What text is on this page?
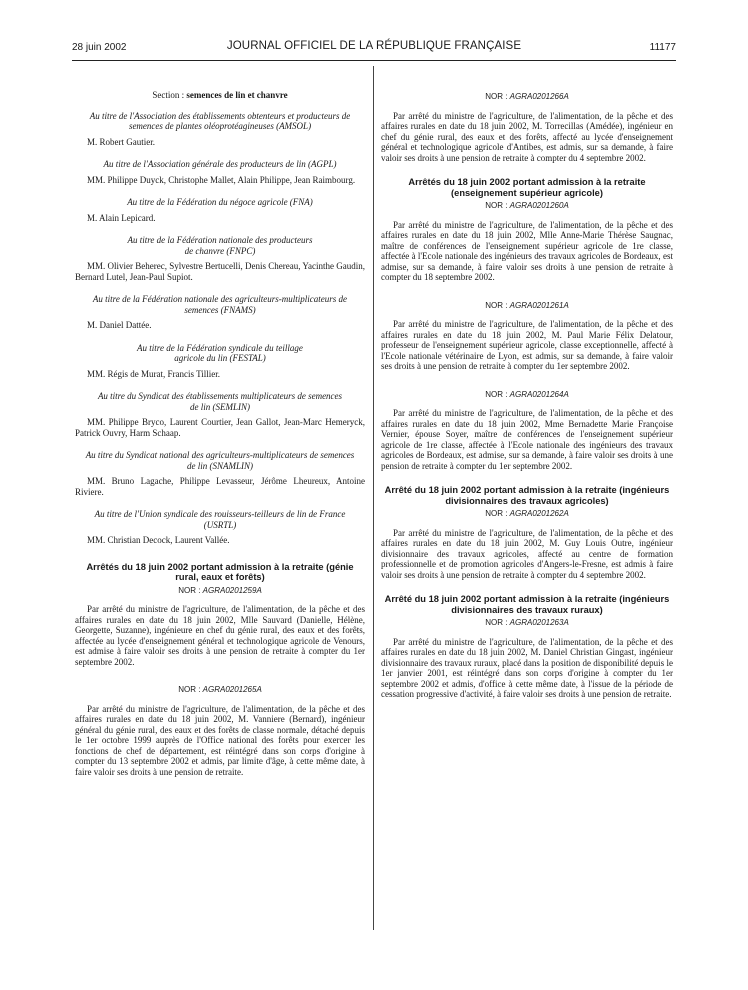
28 juin 2002	JOURNAL OFFICIEL DE LA RÉPUBLIQUE FRANÇAISE	11177
Section : semences de lin et chanvre
Au titre de l'Association des établissements obtenteurs et producteurs de semences de plantes oléoprotéagineuses (AMSOL)

M. Robert Gautier.

Au titre de l'Association générale des producteurs de lin (AGPL)

MM. Philippe Duyck, Christophe Mallet, Alain Philippe, Jean Raimbourg.

Au titre de la Fédération du négoce agricole (FNA)

M. Alain Lepicard.

Au titre de la Fédération nationale des producteurs de chanvre (FNPC)

MM. Olivier Beherec, Sylvestre Bertucelli, Denis Chereau, Yacinthe Gaudin, Bernard Lutel, Jean-Paul Supiot.

Au titre de la Fédération nationale des agriculteurs-multiplicateurs de semences (FNAMS)

M. Daniel Dattée.

Au titre de la Fédération syndicale du teillage agricole du lin (FESTAL)

MM. Régis de Murat, Francis Tillier.

Au titre du Syndicat des établissements multiplicateurs de semences de lin (SEMLIN)

MM. Philippe Bryco, Laurent Courtier, Jean Gallot, Jean-Marc Hemeryck, Patrick Ouvry, Harm Schaap.

Au titre du Syndicat national des agriculteurs-multiplicateurs de semences de lin (SNAMLIN)

MM. Bruno Lagache, Philippe Levasseur, Jérôme Lheureux, Antoine Riviere.

Au titre de l'Union syndicale des rouisseurs-teilleurs de lin de France (USRTL)

MM. Christian Decock, Laurent Vallée.

Arrêtés du 18 juin 2002 portant admission à la retraite (génie rural, eaux et forêts)
NOR : AGRA0201259A

Par arrêté du ministre de l'agriculture, de l'alimentation, de la pêche et des affaires rurales en date du 18 juin 2002, Mlle Sauvard (Danielle, Hélène, Georgette, Suzanne), ingénieure en chef du génie rural, des eaux et des forêts, affectée au lycée d'enseignement général et technologique agricole de Venours, est admise à faire valoir ses droits à une pension de retraite à compter du 1er septembre 2002.

NOR : AGRA0201265A

Par arrêté du ministre de l'agriculture, de l'alimentation, de la pêche et des affaires rurales en date du 18 juin 2002, M. Vanniere (Bernard), ingénieur général du génie rural, des eaux et des forêts de classe normale, détaché depuis le 1er octobre 1999 auprès de l'Office national des forêts pour exercer les fonctions de chef de département, est réintégré dans son corps d'origine à compter du 13 septembre 2002 et admis, par limite d'âge, à cette même date, à faire valoir ses droits à une pension de retraite.

NOR : AGRA0201266A

Par arrêté du ministre de l'agriculture, de l'alimentation, de la pêche et des affaires rurales en date du 18 juin 2002, M. Torrecillas (Amédée), ingénieur en chef du génie rural, des eaux et des forêts, affecté au lycée d'enseignement général et technologique agricole d'Antibes, est admis, sur sa demande, à faire valoir ses droits à une pension de retraite à compter du 4 septembre 2002.

Arrêtés du 18 juin 2002 portant admission à la retraite (enseignement supérieur agricole)
NOR : AGRA0201260A

Par arrêté du ministre de l'agriculture, de l'alimentation, de la pêche et des affaires rurales en date du 18 juin 2002, Mlle Anne-Marie Thérèse Saugnac, maître de conférences de l'enseignement supérieur agricole de 1re classe, affectée à l'Ecole nationale des ingénieurs des travaux agricoles de Bordeaux, est admise, sur sa demande, à faire valoir ses droits à une pension de retraite à compter du 18 septembre 2002.

NOR : AGRA0201261A

Par arrêté du ministre de l'agriculture, de l'alimentation, de la pêche et des affaires rurales en date du 18 juin 2002, M. Paul Marie Félix Delatour, professeur de l'enseignement supérieur agricole, classe exceptionnelle, affecté à l'Ecole nationale vétérinaire de Lyon, est admis, sur sa demande, à faire valoir ses droits à une pension de retraite à compter du 1er septembre 2002.

NOR : AGRA0201264A

Par arrêté du ministre de l'agriculture, de l'alimentation, de la pêche et des affaires rurales en date du 18 juin 2002, Mme Bernadette Marie Françoise Vernier, épouse Soyer, maître de conférences de l'enseignement supérieur agricole de 1re classe, affectée à l'Ecole nationale des ingénieurs des travaux agricoles de Bordeaux, est admise, sur sa demande, à faire valoir ses droits à une pension de retraite à compter du 1er septembre 2002.

Arrêté du 18 juin 2002 portant admission à la retraite (ingénieurs divisionnaires des travaux agricoles)
NOR : AGRA0201262A

Par arrêté du ministre de l'agriculture, de l'alimentation, de la pêche et des affaires rurales en date du 18 juin 2002, M. Guy Louis Outre, ingénieur divisionnaire des travaux agricoles, affecté au centre de formation professionnelle et de promotion agricoles d'Angers-le-Fresne, est admis à faire valoir ses droits à une pension de retraite à compter du 4 septembre 2002.

Arrêté du 18 juin 2002 portant admission à la retraite (ingénieurs divisionnaires des travaux ruraux)
NOR : AGRA0201263A

Par arrêté du ministre de l'agriculture, de l'alimentation, de la pêche et des affaires rurales en date du 18 juin 2002, M. Daniel Christian Gingast, ingénieur divisionnaire des travaux ruraux, placé dans la position de disponibilité depuis le 1er janvier 2001, est réintégré dans son corps d'origine à compter du 1er septembre 2002 et admis, d'office à cette même date, à l'issue de la période de cessation progressive d'activité, à faire valoir ses droits à une pension de retraite.
